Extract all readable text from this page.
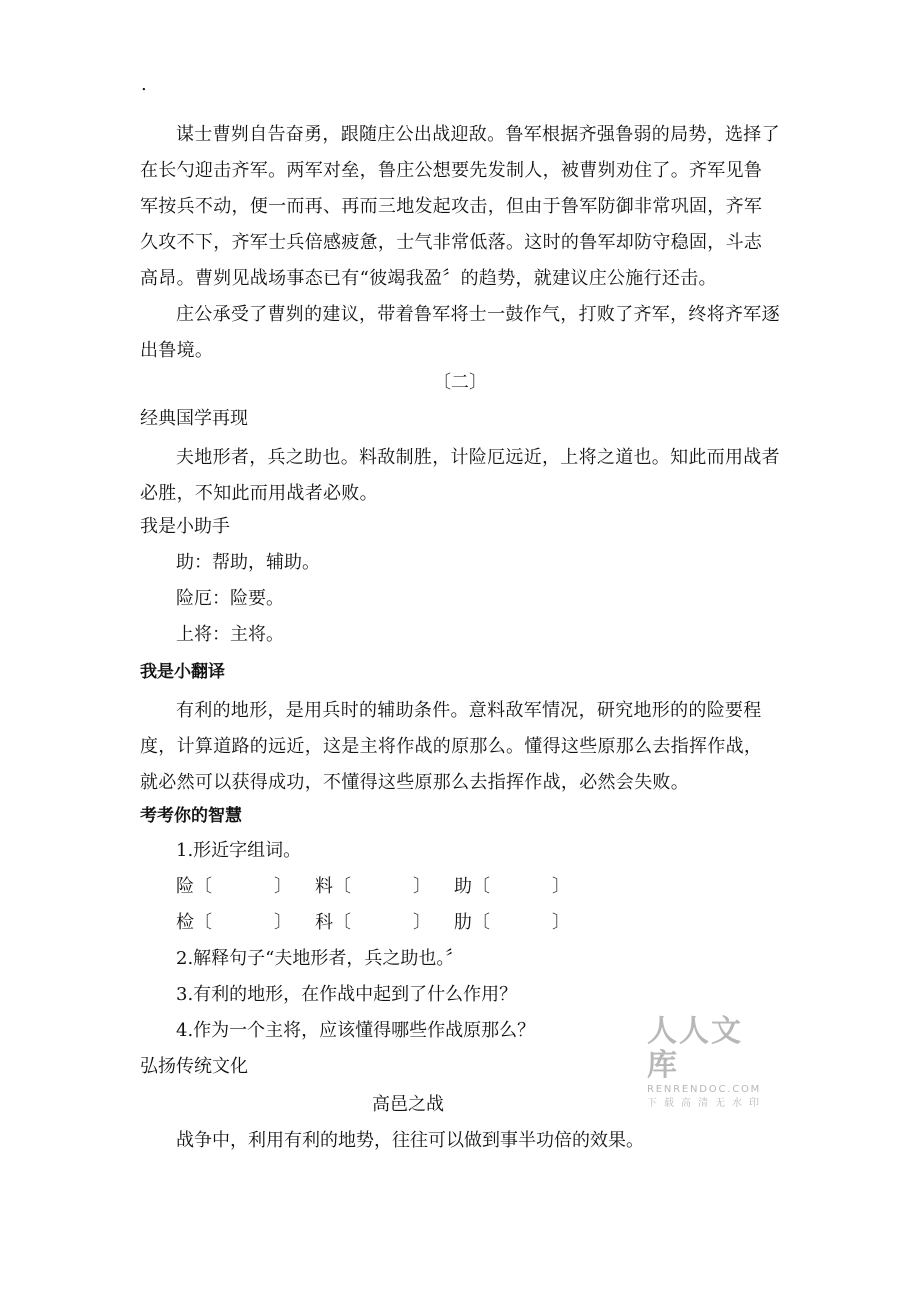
.

谋士曹刿自告奋勇，跟随庄公出战迎敌。鲁军根据齐强鲁弱的局势，选择了在长勺迎击齐军。两军对垒，鲁庄公想要先发制人，被曹刿劝住了。齐军见鲁军按兵不动，便一而再、再而三地发起攻击，但由于鲁军防御非常巩固，齐军久攻不下，齐军士兵倍感疲惫，士气非常低落。这时的鲁军却防守稳固，斗志高昂。曹刿见战场事态已有“彼竭我盈〞的趋势，就建议庄公施行还击。

庄公承受了曹刿的建议，带着鲁军将士一鼓作气，打败了齐军，终将齐军逐出鲁境。

〔二〕
经典国学再现

夫地形者，兵之助也。料敌制胜，计险厄远近，上将之道也。知此而用战者必胜，不知此而用战者必败。

我是小助手
助：帮助，辅助。
险厄：险要。
上将：主将。
我是小翻译

有利的地形，是用兵时的辅助条件。意料敌军情况，研究地形的的险要程度，计算道路的远近，这是主将作战的原那么。懂得这些原那么去指挥作战，就必然可以获得成功，不懂得这些原那么去指挥作战，必然会失败。

考考你的智慧
1.形近字组词。
险〔	〕 料〔	〕 助〔	〕
检〔	〕 科〔	〕 肋〔	〕
2.解释句子“夫地形者，兵之助也。〞
3.有利的地形，在作战中起到了什么作用？
4.作为一个主将，应该懂得哪些作战原那么？
弘扬传统文化
高邑之战
战争中，利用有利的地势，往往可以做到事半功倍的效果。
人人文库
RENRENDOC.COM
下载高清无水印
